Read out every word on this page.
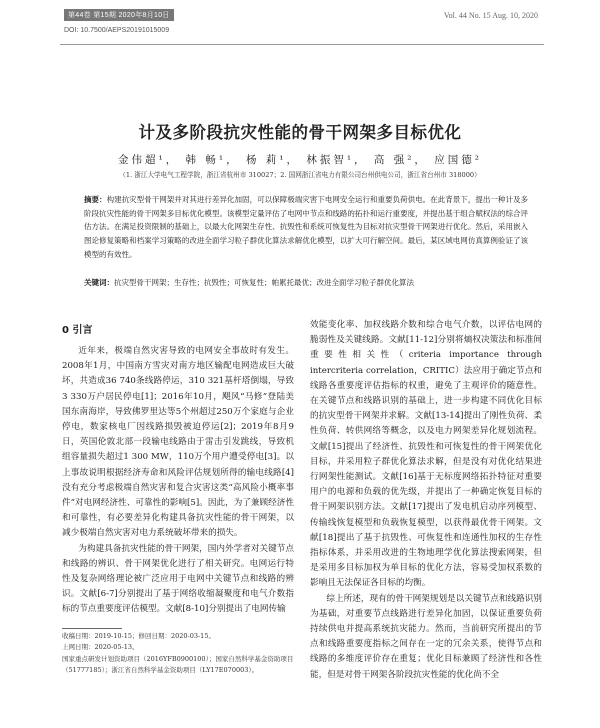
第44卷 第15期 2020年8月10日
DOI: 10.7500/AEPS20191015009
Vol. 44 No. 15 Aug. 10, 2020
计及多阶段抗灾性能的骨干网架多目标优化
金伟超¹， 韩 畅¹， 杨 莉¹， 林振智¹， 高 强²， 应国德²
（1. 浙江大学电气工程学院，浙江省杭州市 310027；2. 国网浙江省电力有限公司台州供电公司，浙江省台州市 318000）
摘要：构建抗灾型骨干网架并对其进行差异化加固，可以保障极端灾害下电网安全运行和重要负荷供电。在此背景下，提出一种计及多阶段抗灾性能的骨干网架多目标优化模型。该模型定量评估了电网中节点和线路的拓扑和运行重要度，并提出基于组合赋权法的综合评估方法。在满足投资限制的基础上，以最大化网架生存性、抗毁性和系统可恢复性为目标对抗灾型骨干网架进行优化。然后，采用嵌入图论修复策略和档案学习策略的改进全面学习粒子群优化算法求解优化模型，以扩大可行解空间。最后，某区域电网仿真算例验证了该模型的有效性。
关键词：抗灾型骨干网架；生存性；抗毁性；可恢复性；帕累托最优；改进全面学习粒子群优化算法
0 引言

近年来，极端自然灾害导致的电网安全事故时有发生。2008年1月，中国南方雪灾对南方地区输配电网造成巨大破坏，共造成36 740条线路停运，310 321基杆塔倒塌，导致3 330万户居民停电[1]；2016年10月，飓风“马修”登陆美国东南海岸，导致佛罗里达等5个州超过250万个家庭与企业停电，数家核电厂因线路损毁被迫停运[2]；2019年8月9日，英国伦敦北部一段输电线路由于雷击引发跳线，导致机组容量损失超过1 300 MW，110万个用户遭受停电[3]。以上事故说明根据经济寿命和风险评估规划所得的输电线路[4]没有充分考虑极端自然灾害和复合灾害这类“高风险小概率事件”对电网经济性、可靠性的影响[5]。因此，为了兼顾经济性和可靠性，有必要差异化构建具备抗灾性能的骨干网架，以减少极端自然灾害对电力系统破坏带来的损失。

为构建具备抗灾性能的骨干网架，国内外学者对关键节点和线路的辨识、骨干网架优化进行了相关研究。电网运行特性及复杂网络理论被广泛应用于电网中关键节点和线路的辨识。文献[6-7]分别提出了基于网络收缩凝聚度和电气介数指标的节点重要度评估模型。文献[8-10]分别提出了电网传输

效能变化率、加权线路介数和综合电气介数，以评估电网的脆弱性及关键线路。文献[11-12]分别将熵权决策法和标准间重要性相关性（criteria importance through intercriteria correlation，CRITIC）法应用于确定节点和线路各重要度评估指标的权重，避免了主观评价的随意性。在关键节点和线路识别的基础上，进一步构建不同优化目标的抗灾型骨干网架并求解。文献[13-14]提出了刚性负荷、柔性负荷、转供网络等概念，以及电力网架差异化规划流程。文献[15]提出了经济性、抗毁性和可恢复性的骨干网架优化目标，并采用粒子群优化算法求解，但是没有对优化结果进行网架性能测试。文献[16]基于无标度网络拓扑特征对重要用户的电源和负载的优先级，并提出了一种确定恢复目标的骨干网架识别方法。文献[17]提出了发电机启动序列模型、传输线恢复模型和负载恢复模型，以获得最优骨干网架。文献[18]提出了基于抗毁性、可恢复性和连通性加权的生存性指标体系，并采用改进的生物地理学优化算法搜索网架，但是采用多目标加权为单目标的优化方法，容易受加权系数的影响且无法保证各目标的均衡。

综上所述，现有的骨干网架规划是以关键节点和线路识别为基础，对重要节点线路进行差异化加固，以保证重要负荷持续供电并提高系统抗灾能力。然而，当前研究所提出的节点和线路重要度指标之间存在一定的冗余关系，使得节点和线路的多维度评价存在重复；优化目标兼顾了经济性和各性能，但是对骨干网架各阶段抗灾性能的优化尚不全

收稿日期：2019-10-15；修回日期：2020-03-15。
上网日期：2020-05-13。
国家重点研发计划资助项目（2016YFB0900100）；国家自然科学基金资助项目（51777185）；浙江省自然科学基金资助项目（LY17E070003）。
